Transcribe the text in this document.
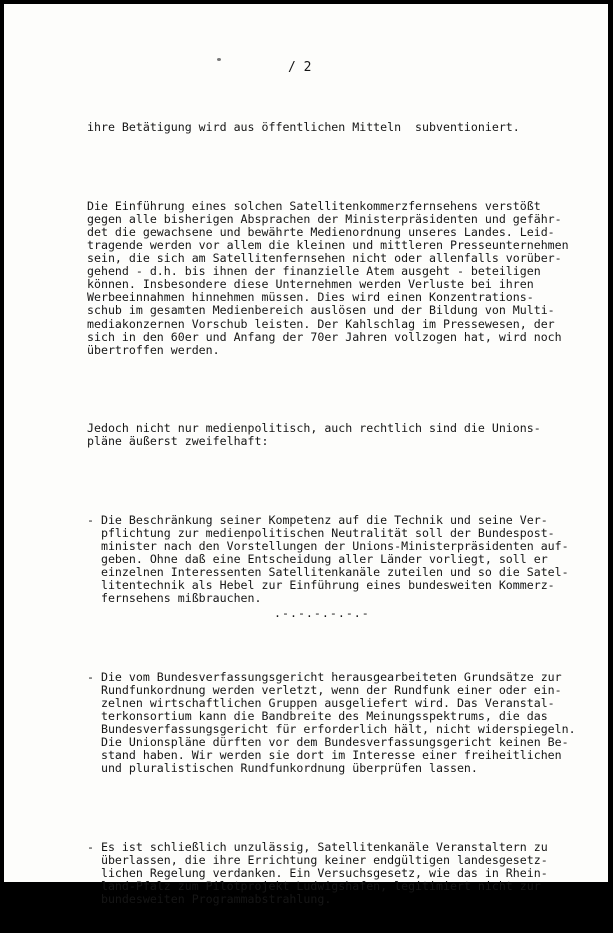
/ 2

ihre Betätigung wird aus öffentlichen Mitteln  subventioniert.

Die Einführung eines solchen Satellitenkommerzfernsehens verstößt
gegen alle bisherigen Absprachen der Ministerpräsidenten und gefähr-
det die gewachsene und bewährte Medienordnung unseres Landes. Leid-
tragende werden vor allem die kleinen und mittleren Presseunternehmen
sein, die sich am Satellitenfernsehen nicht oder allenfalls vorüber-
gehend - d.h. bis ihnen der finanzielle Atem ausgeht - beteiligen
können. Insbesondere diese Unternehmen werden Verluste bei ihren
Werbeeinnahmen hinnehmen müssen. Dies wird einen Konzentrations-
schub im gesamten Medienbereich auslösen und der Bildung von Multi-
mediakonzernen Vorschub leisten. Der Kahlschlag im Pressewesen, der
sich in den 60er und Anfang der 70er Jahren vollzogen hat, wird noch
übertroffen werden.

Jedoch nicht nur medienpolitisch, auch rechtlich sind die Unions-
pläne äußerst zweifelhaft:

- Die Beschränkung seiner Kompetenz auf die Technik und seine Ver-
pflichtung zur medienpolitischen Neutralität soll der Bundespost-
minister nach den Vorstellungen der Unions-Ministerpräsidenten auf-
geben. Ohne daß eine Entscheidung aller Länder vorliegt, soll er
einzelnen Interessenten Satellitenkanäle zuteilen und so die Satel-
litentechnik als Hebel zur Einführung eines bundesweiten Kommerz-
fernsehens mißbrauchen.

- Die vom Bundesverfassungsgericht herausgearbeiteten Grundsätze zur
Rundfunkordnung werden verletzt, wenn der Rundfunk einer oder ein-
zelnen wirtschaftlichen Gruppen ausgeliefert wird. Das Veranstal-
terkonsortium kann die Bandbreite des Meinungsspektrums, die das
Bundesverfassungsgericht für erforderlich hält, nicht widerspiegeln.
Die Unionspläne dürften vor dem Bundesverfassungsgericht keinen Be-
stand haben. Wir werden sie dort im Interesse einer freiheitlichen
und pluralistischen Rundfunkordnung überprüfen lassen.

- Es ist schließlich unzulässig, Satellitenkanäle Veranstaltern zu
überlassen, die ihre Errichtung keiner endgültigen landesgesetz-
lichen Regelung verdanken. Ein Versuchsgesetz, wie das in Rhein-
land-Pfalz zum Pilotprojekt Ludwigshafen, legitimiert nicht zur
bundesweiten Programmabstrahlung.

.-.-.-.-.-.-
